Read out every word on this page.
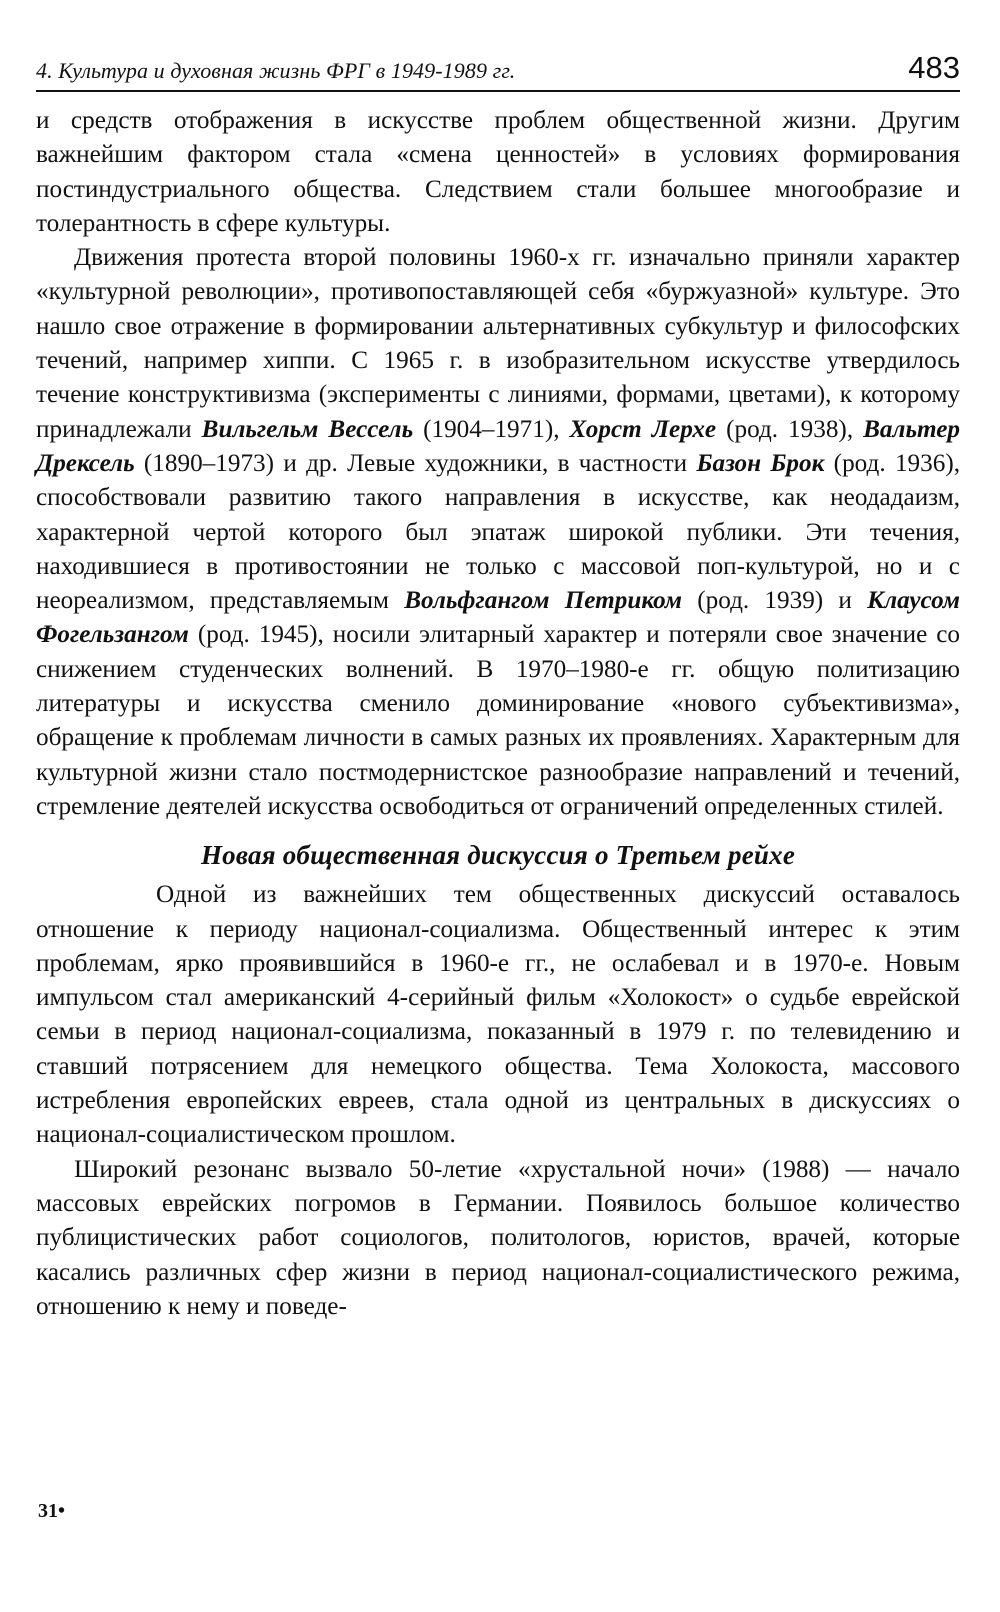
4. Культура и духовная жизнь ФРГ в 1949-1989 гг.	483

и средств отображения в искусстве проблем общественной жизни. Другим важнейшим фактором стала «смена ценностей» в условиях формирования постиндустриального общества. Следствием стали большее многообразие и толерантность в сфере культуры.

Движения протеста второй половины 1960-х гг. изначально приняли характер «культурной революции», противопоставляющей себя «буржуазной» культуре. Это нашло свое отражение в формировании альтернативных субкультур и философских течений, например хиппи. С 1965 г. в изобразительном искусстве утвердилось течение конструктивизма (эксперименты с линиями, формами, цветами), к которому принадлежали Вильгельм Вессель (1904–1971), Хорст Лерхе (род. 1938), Вальтер Дрексель (1890–1973) и др. Левые художники, в частности Базон Брок (род. 1936), способствовали развитию такого направления в искусстве, как неодадаизм, характерной чертой которого был эпатаж широкой публики. Эти течения, находившиеся в противостоянии не только с массовой поп-культурой, но и с неореализмом, представляемым Вольфгангом Петриком (род. 1939) и Клаусом Фогельзангом (род. 1945), носили элитарный характер и потеряли свое значение со снижением студенческих волнений. В 1970–1980-е гг. общую политизацию литературы и искусства сменило доминирование «нового субъективизма», обращение к проблемам личности в самых разных их проявлениях. Характерным для культурной жизни стало постмодернистское разнообразие направлений и течений, стремление деятелей искусства освободиться от ограничений определенных стилей.

Новая общественная дискуссия о Третьем рейхе

Одной из важнейших тем общественных дискуссий оставалось отношение к периоду национал-социализма. Общественный интерес к этим проблемам, ярко проявившийся в 1960-е гг., не ослабевал и в 1970-е. Новым импульсом стал американский 4-серийный фильм «Холокост» о судьбе еврейской семьи в период национал-социализма, показанный в 1979 г. по телевидению и ставший потрясением для немецкого общества. Тема Холокоста, массового истребления европейских евреев, стала одной из центральных в дискуссиях о национал-социалистическом прошлом.

Широкий резонанс вызвало 50-летие «хрустальной ночи» (1988) — начало массовых еврейских погромов в Германии. Появилось большое количество публицистических работ социологов, политологов, юристов, врачей, которые касались различных сфер жизни в период национал-социалистического режима, отношению к нему и поведе-

31•
